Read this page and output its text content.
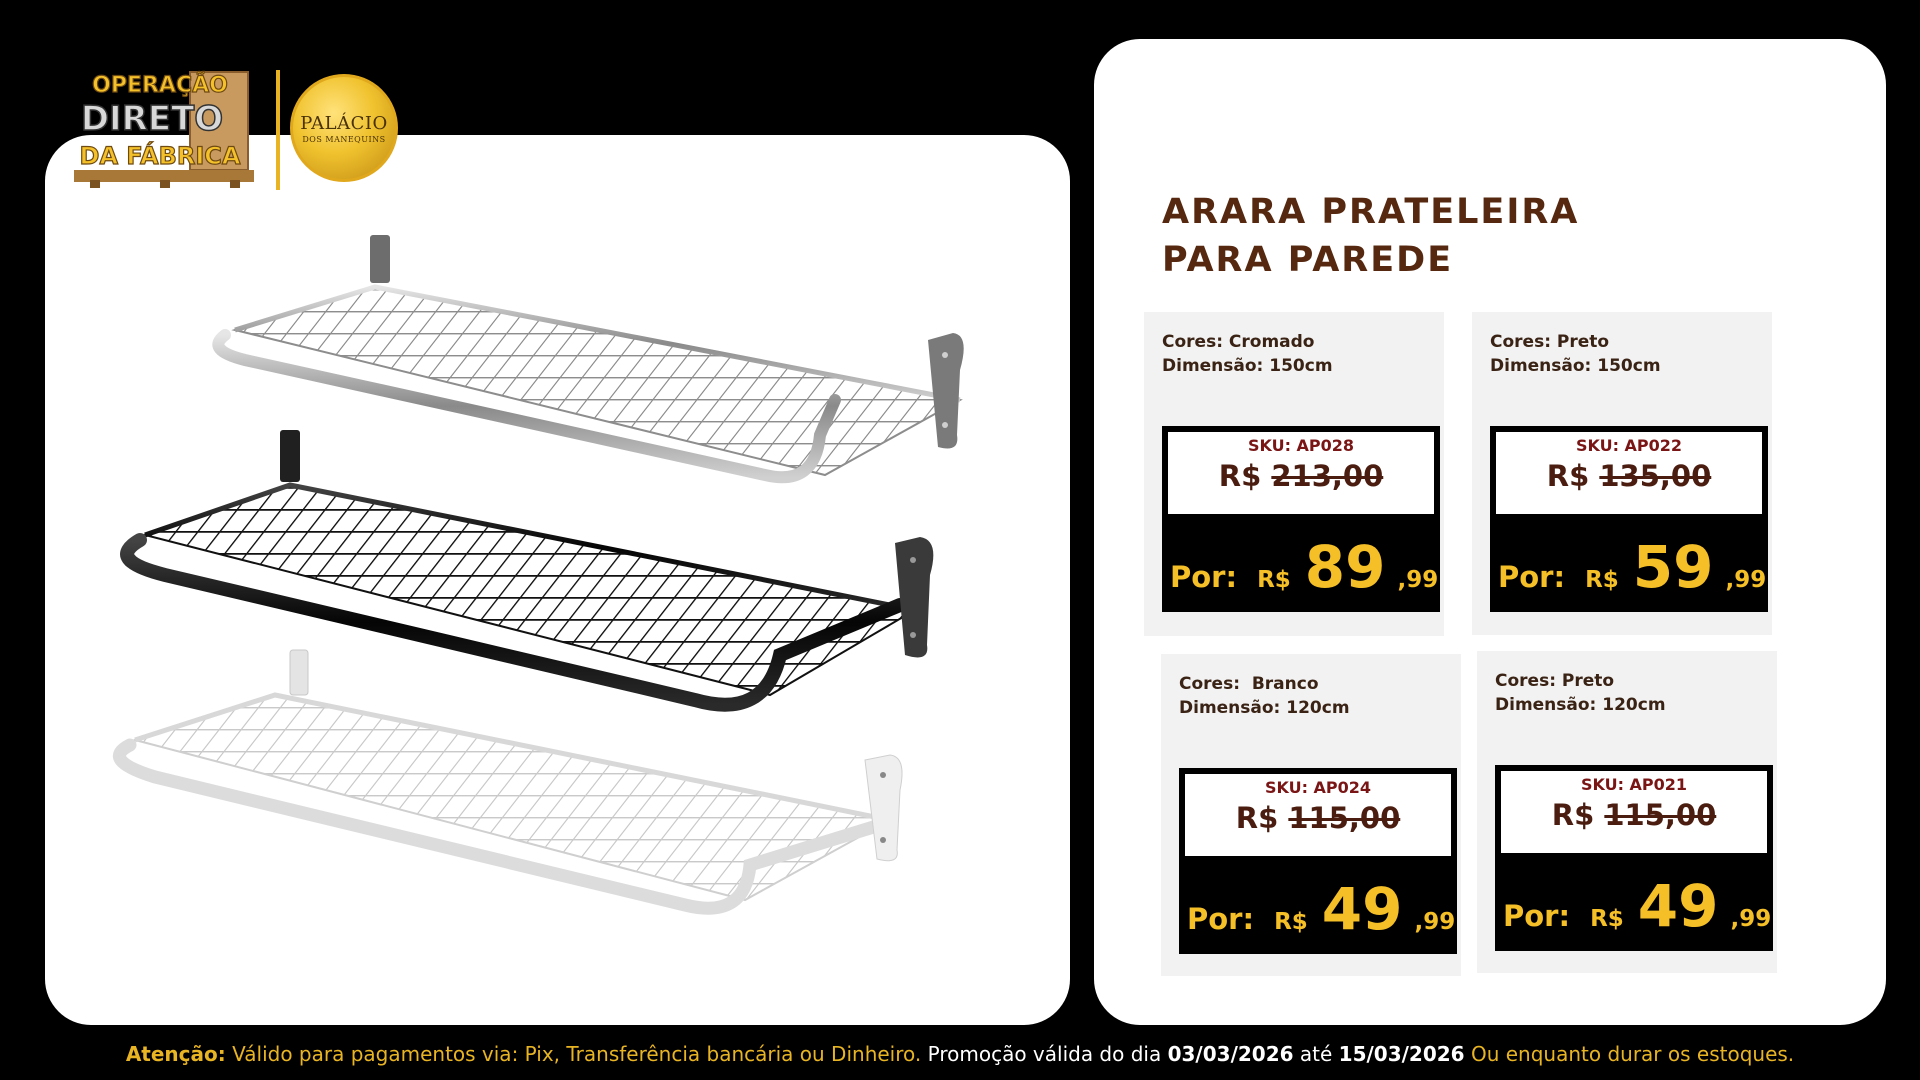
OPERAÇÃO
DIRETO
DA FÁBRICA
PALÁCIO
DOS MANEQUINS
ARARA PRATELEIRA
PARA PAREDE
Cores: Cromado
Dimensão: 150cm
SKU: AP028
R$ 213,00
Por: R$ 89 ,99
Cores: Preto
Dimensão: 150cm
SKU: AP022
R$ 135,00
Por: R$ 59 ,99
Cores:  Branco
Dimensão: 120cm
SKU: AP024
R$ 115,00
Por: R$ 49 ,99
Cores: Preto
Dimensão: 120cm
SKU: AP021
R$ 115,00
Por: R$ 49 ,99
Atenção: Válido para pagamentos via: Pix, Transferência bancária ou Dinheiro. Promoção válida do dia 03/03/2026 até 15/03/2026 Ou enquanto durar os estoques.
